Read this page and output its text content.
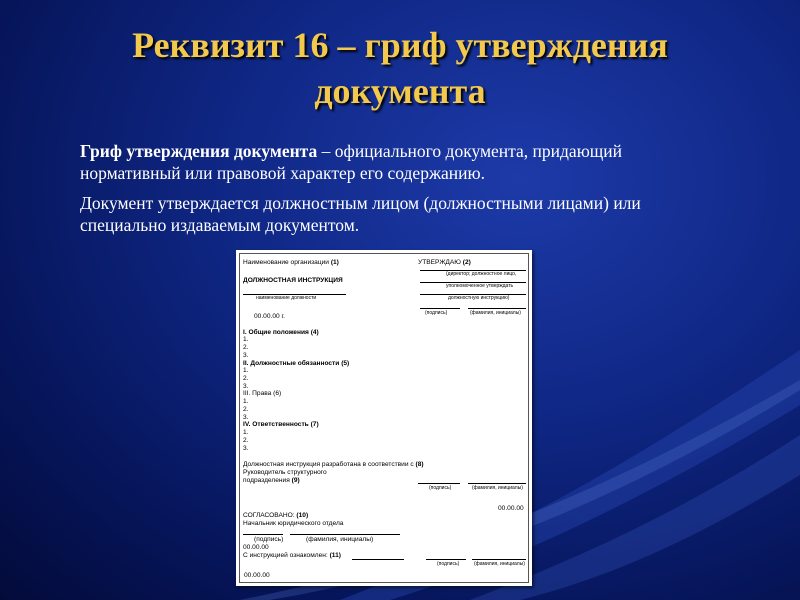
Реквизит 16 – гриф утверждения
документа

Гриф утверждения документа – официального документа, придающий нормативный или правовой характер его содержанию.

Документ утверждается должностным лицом (должностными лицами) или специально издаваемым документом.

Наименование организации (1)	УТВЕРЖДАЮ (2)
(директор; должностное лицо,
уполномоченное утверждать
должностную инструкцию)
(подпись)	(фамилия, инициалы)
ДОЛЖНОСТНАЯ ИНСТРУКЦИЯ
наименование должности
00.00.00 г.
I. Общие положения (4)
1.
2.
3.
II. Должностные обязанности (5)
1.
2.
3.
III. Права (6)
1.
2.
3.
IV. Ответственность (7)
1.
2.
3.
Должностная инструкция разработана в соответствии с (8)
Руководитель структурного
подразделения (9)
(подпись)	(фамилия, инициалы)
00.00.00
СОГЛАСОВАНО: (10)
Начальник юридического отдела
(подпись)	(фамилия, инициалы)
00.00.00
С инструкцией ознакомлен: (11)
(подпись)	(фамилия, инициалы)
00.00.00
